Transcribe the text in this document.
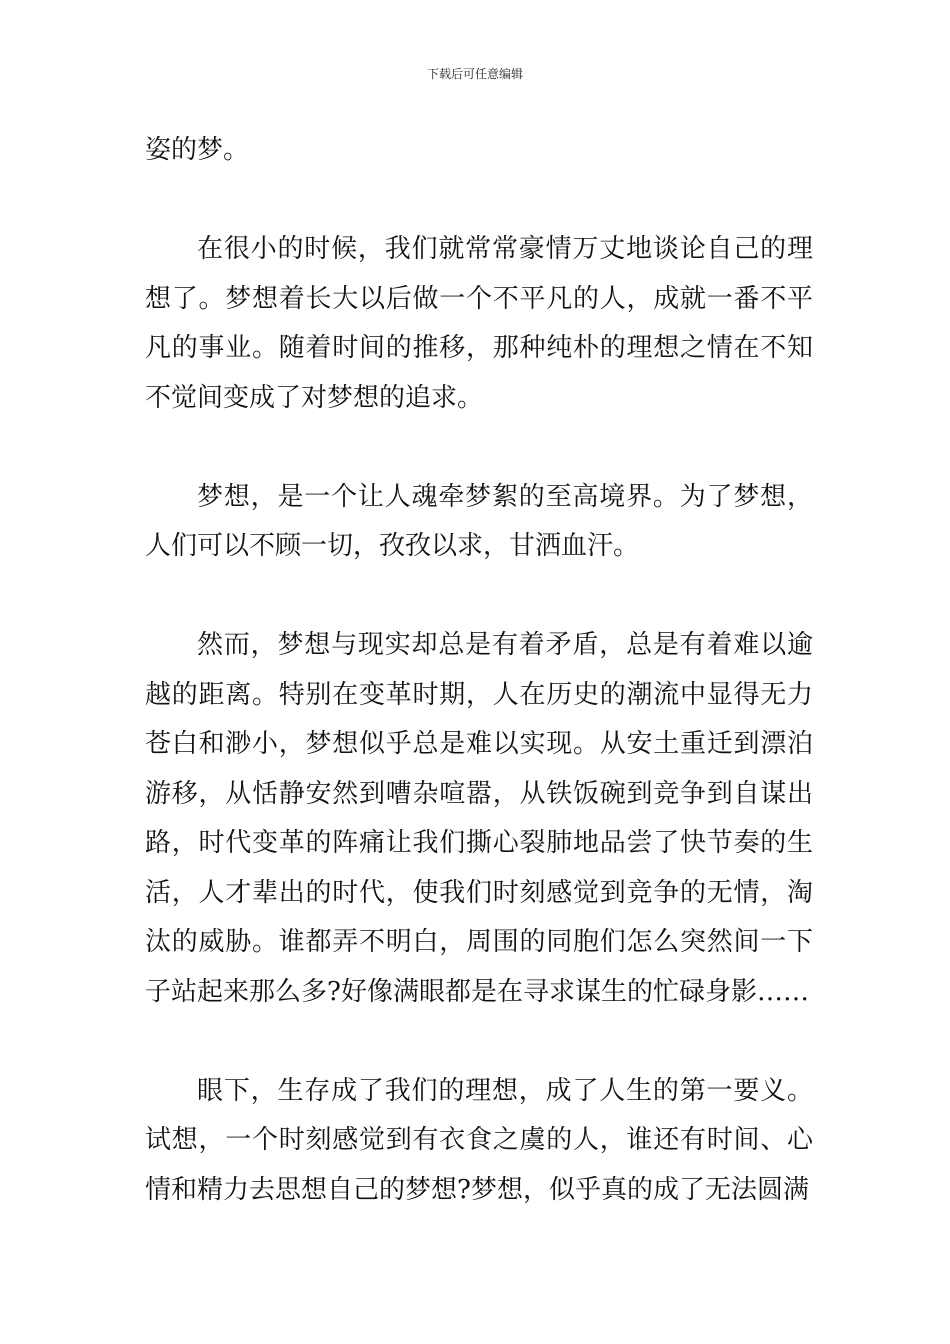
下载后可任意编辑

姿的梦。

在很小的时候，我们就常常豪情万丈地谈论自己的理想了。梦想着长大以后做一个不平凡的人，成就一番不平凡的事业。随着时间的推移，那种纯朴的理想之情在不知不觉间变成了对梦想的追求。

梦想，是一个让人魂牵梦絮的至高境界。为了梦想，人们可以不顾一切，孜孜以求，甘洒血汗。

然而，梦想与现实却总是有着矛盾，总是有着难以逾越的距离。特别在变革时期，人在历史的潮流中显得无力苍白和渺小，梦想似乎总是难以实现。从安土重迁到漂泊游移，从恬静安然到嘈杂喧嚣，从铁饭碗到竞争到自谋出路，时代变革的阵痛让我们撕心裂肺地品尝了快节奏的生活，人才辈出的时代，使我们时刻感觉到竞争的无情，淘汰的威胁。谁都弄不明白，周围的同胞们怎么突然间一下子站起来那么多?好像满眼都是在寻求谋生的忙碌身影……

眼下，生存成了我们的理想，成了人生的第一要义。试想，一个时刻感觉到有衣食之虞的人，谁还有时间、心情和精力去思想自己的梦想?梦想，似乎真的成了无法圆满
